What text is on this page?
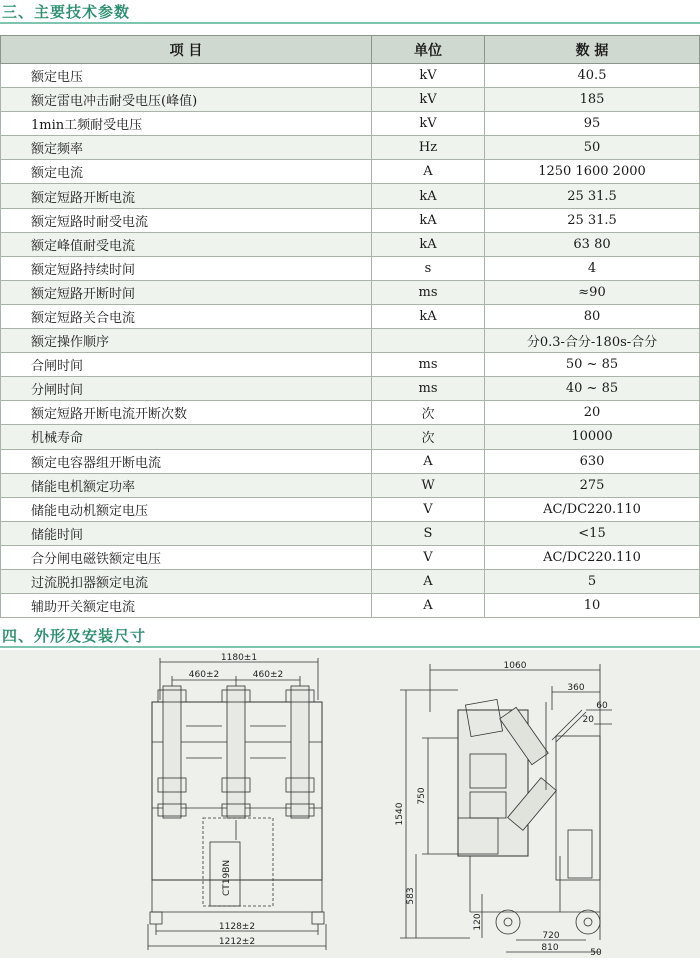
三、主要技术参数
项 目	单位	数 据
额定电压	kV	40.5
额定雷电冲击耐受电压(峰值)	kV	185
1min工频耐受电压	kV	95
额定频率	Hz	50
额定电流	A	1250 1600 2000
额定短路开断电流	kA	25 31.5
额定短路时耐受电流	kA	25 31.5
额定峰值耐受电流	kA	63 80
额定短路持续时间	s	4
额定短路开断时间	ms	≈90
额定短路关合电流	kA	80
额定操作顺序		分0.3-合分-180s-合分
合闸时间	ms	50 ~ 85
分闸时间	ms	40 ~ 85
额定短路开断电流开断次数	次	20
机械寿命	次	10000
额定电容器组开断电流	A	630
储能电机额定功率	W	275
储能电动机额定电压	V	AC/DC220.110
储能时间	S	<15
合分闸电磁铁额定电压	V	AC/DC220.110
过流脱扣器额定电流	A	5
辅助开关额定电流	A	10
四、外形及安装尺寸
1180±1
460±2	460±2
1128±2
1212±2
CT19BN
1060
360
60
20
1540
750
583
120
720
810	50
